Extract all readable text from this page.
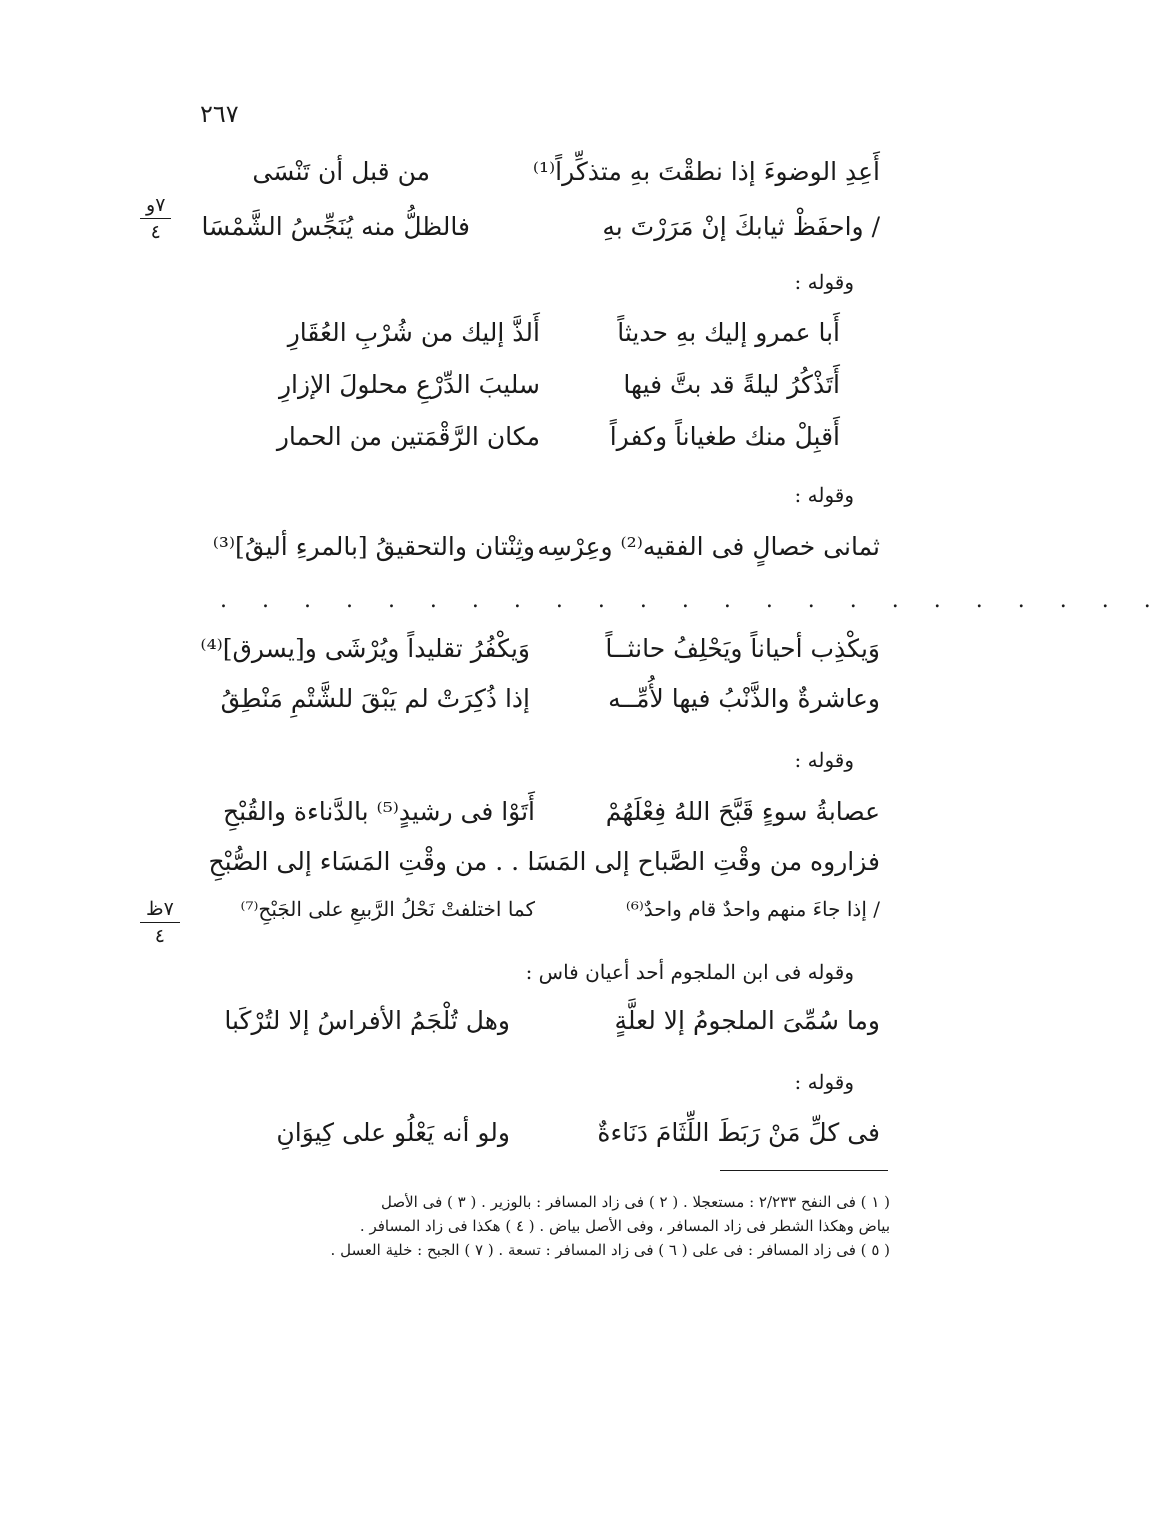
٢٦٧
أَعِدِ الوضوءَ إذا نطقْتَ بهِ متذكِّراً⁽¹⁾
من قبل أن تَنْسَى
/ واحفَظْ ثيابكَ إنْ مَرَرْتَ بهِ
فالظلُّ منه يُنَجِّسُ الشَّمْسَا
٧و
٤
وقوله :
أَبا عمرو إليك بهِ حديثاً
أَلذَّ إليك من شُرْبِ العُقَارِ
أَتَذْكُرُ ليلةً قد بتَّ فيها
سليبَ الدِّرْعِ محلولَ الإزارِ
أَقبِلْ منك طغياناً وكفراً
مكان الرَّقْمَتين من الحمار
وقوله :
ثمانى خصالٍ فى الفقيه⁽²⁾ وعِرْسِه
وثِنْتان والتحقيقُ [بالمرءِ أليقُ]⁽³⁾
. . . . . . . . . . . . . . . . . . . . . . .
وَيكْذِب أحياناً ويَحْلِفُ حانثــاً
وَيكْفُرُ تقليداً ويُرْشَى و[يسرق]⁽⁴⁾
وعاشرةٌ والذَّنْبُ فيها لأُمِّــه
إذا ذُكِرَتْ لم يَبْقَ للشَّتْمِ مَنْطِقُ
وقوله :
عصابةُ سوءٍ قَبَّحَ اللهُ فِعْلَهُمْ
أَتَوْا فى رشيدٍ⁽⁵⁾ بالدَّناءة والقُبْحِ
فزاروه من وقْتِ الصَّباح إلى المَسَا
. . . من وقْتِ المَسَاء إلى الصُّبْحِ
/ إذا جاءَ منهم واحدٌ قام واحدٌ⁽⁶⁾
كما اختلفتْ نَحْلُ الرَّبيعِ على الجَبْحِ⁽⁷⁾
٧ظ
٤
وقوله فى ابن الملجوم أحد أعيان فاس :
وما سُمِّىَ الملجومُ إلا لعلَّةٍ
وهل تُلْجَمُ الأفراسُ إلا لتُرْكَبا
وقوله :
فى كلِّ مَنْ رَبَطَ اللِّثَامَ دَنَاءةٌ
ولو أنه يَعْلُو على كِيوَانِ
( ١ ) فى النفح ٢/٢٣٣ : مستعجلا . ( ٢ ) فى زاد المسافر : بالوزير . ( ٣ ) فى الأصل
بياض وهكذا الشطر فى زاد المسافر ، وفى الأصل بياض . ( ٤ ) هكذا فى زاد المسافر .
( ٥ ) فى زاد المسافر : فى على ( ٦ ) فى زاد المسافر : تسعة . ( ٧ ) الجبح : خلية العسل .
